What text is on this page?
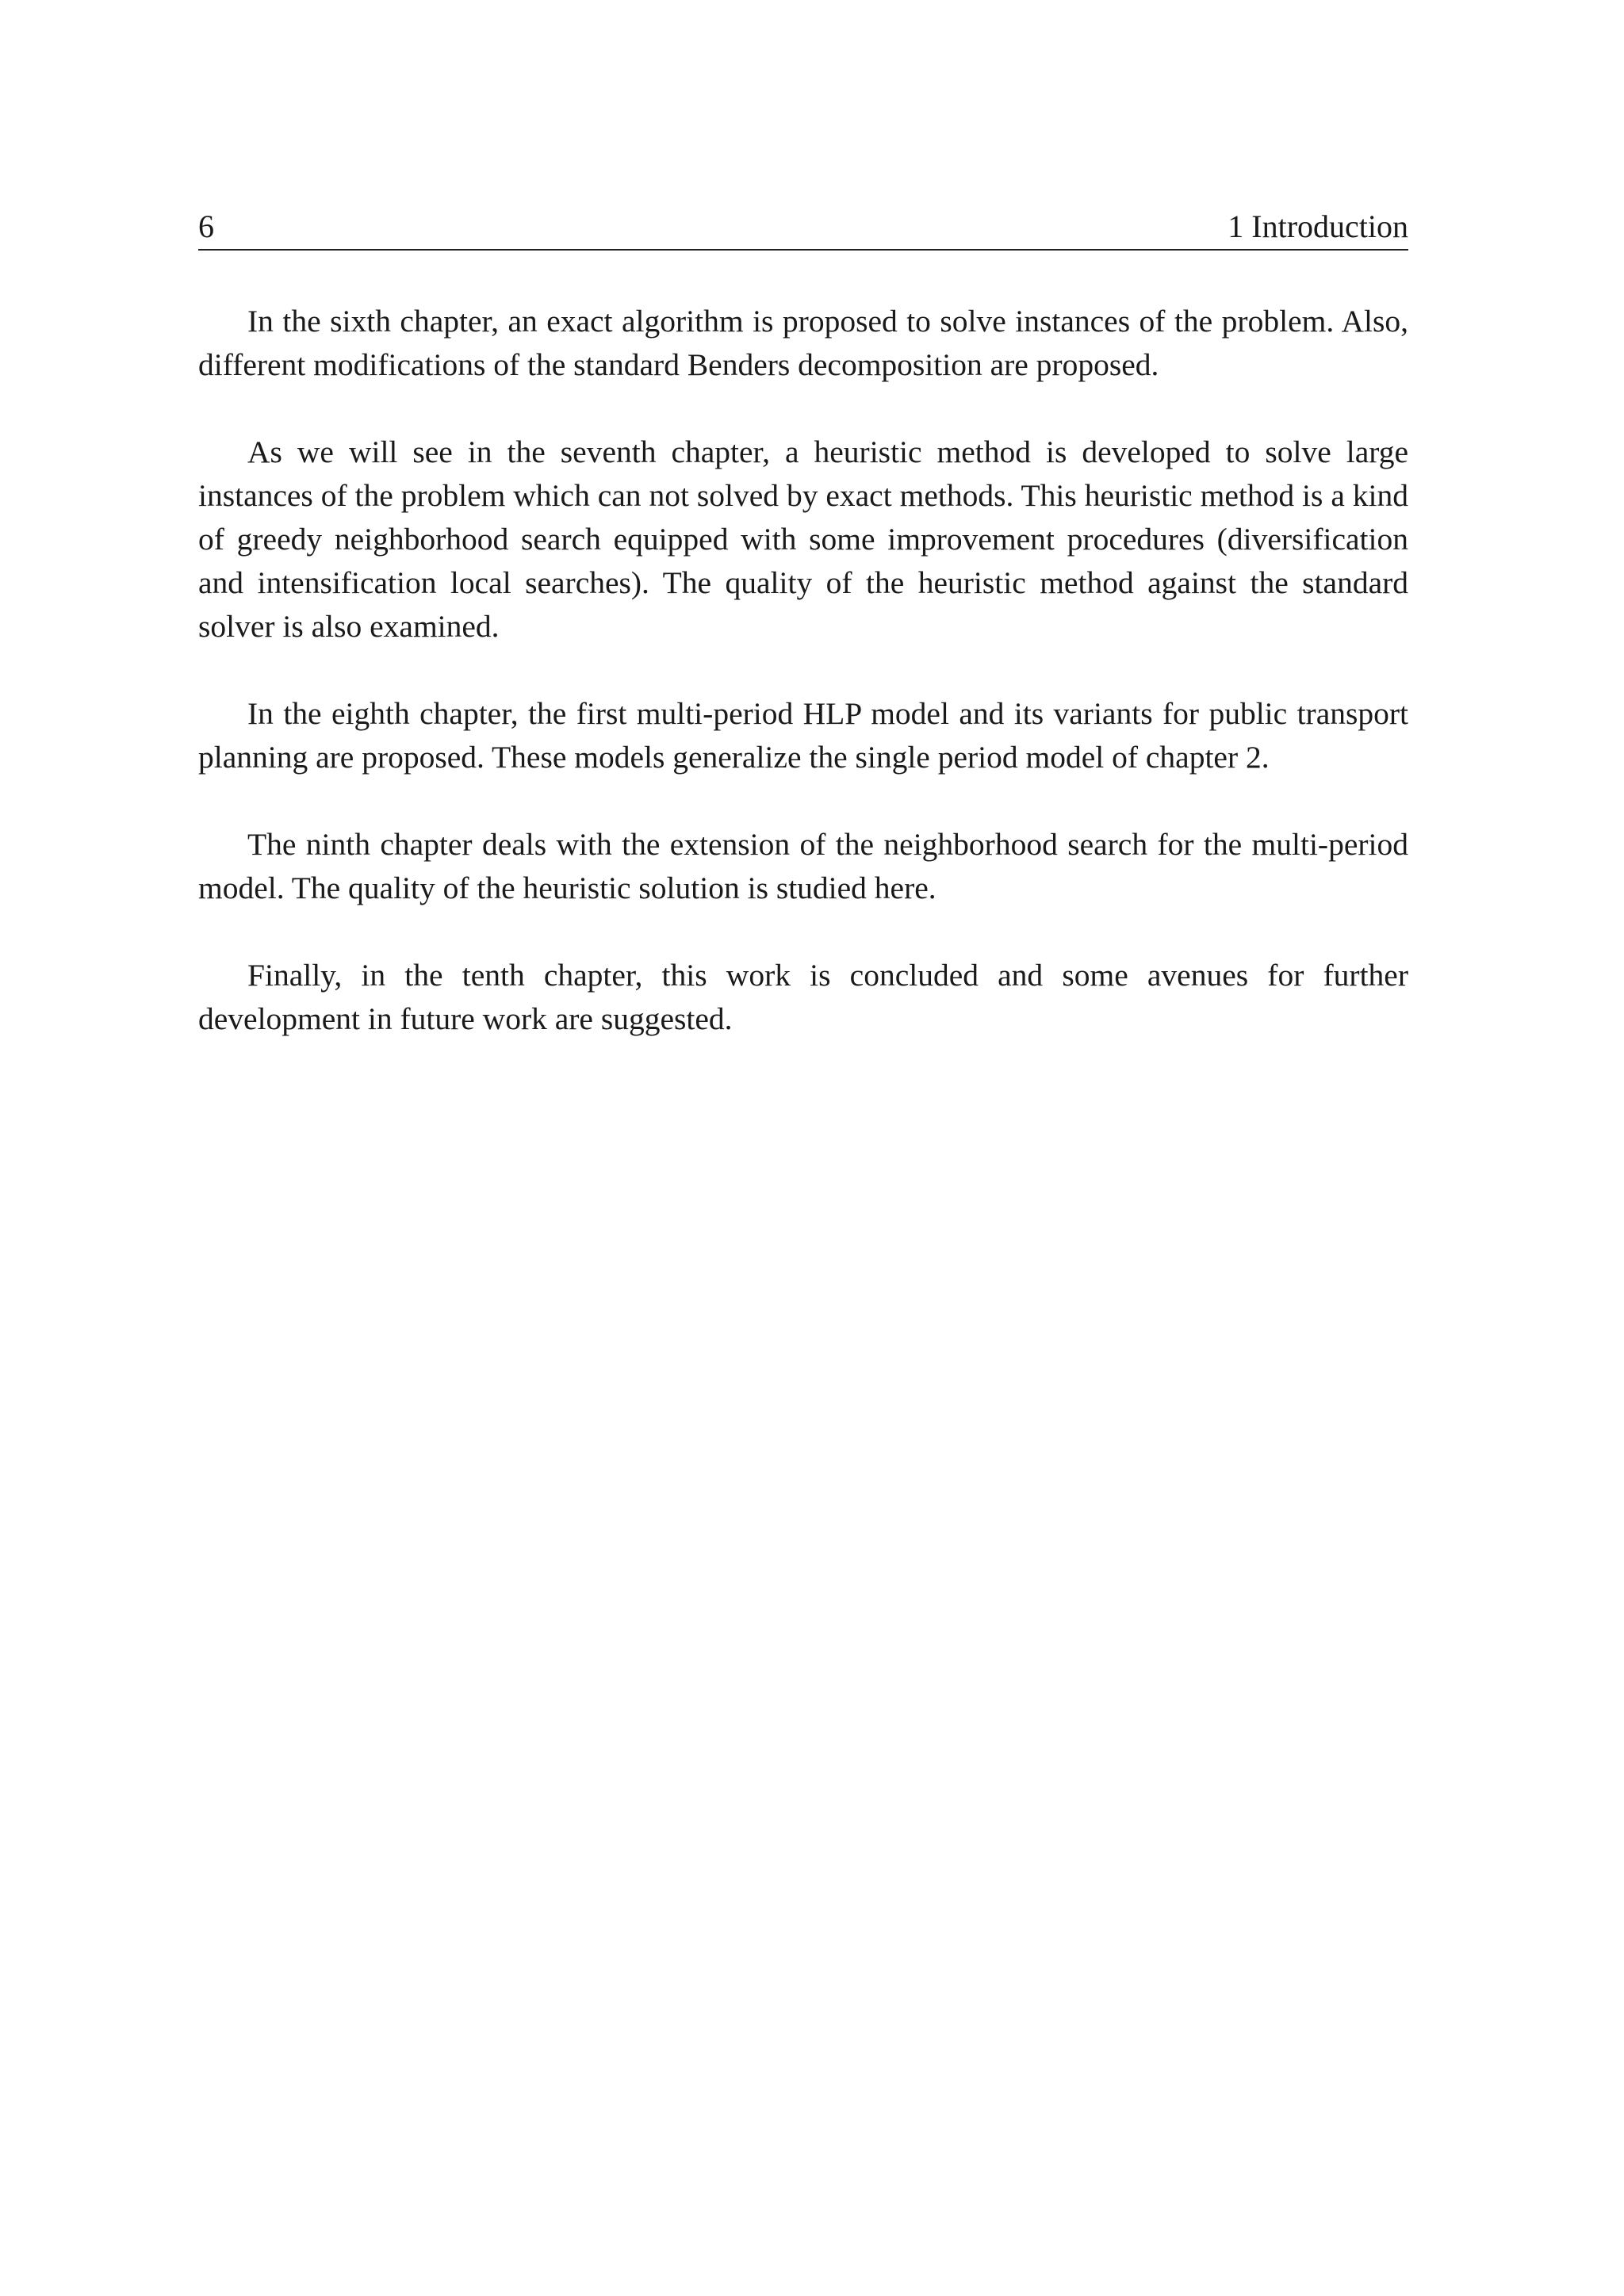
6	1 Introduction

In the sixth chapter, an exact algorithm is proposed to solve instances of the problem. Also, different modifications of the standard Benders decomposition are proposed.

As we will see in the seventh chapter, a heuristic method is developed to solve large instances of the problem which can not solved by exact methods. This heuristic method is a kind of greedy neighborhood search equipped with some improvement procedures (diversification and intensification local searches). The quality of the heuristic method against the standard solver is also examined.

In the eighth chapter, the first multi-period HLP model and its variants for public transport planning are proposed. These models generalize the single period model of chapter 2.

The ninth chapter deals with the extension of the neighborhood search for the multi-period model. The quality of the heuristic solution is studied here.

Finally, in the tenth chapter, this work is concluded and some avenues for further development in future work are suggested.
